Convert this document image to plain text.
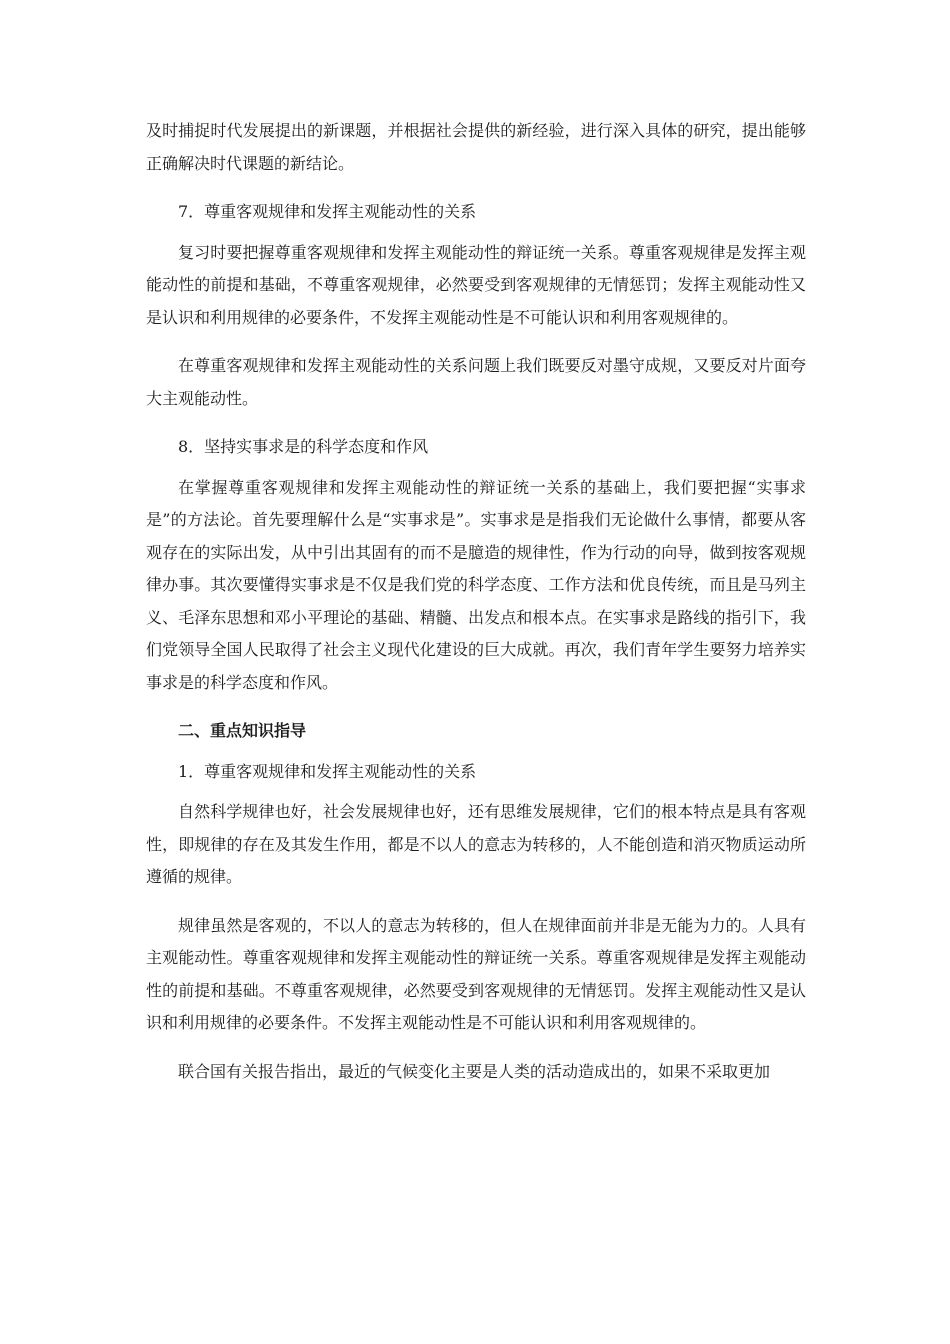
及时捕捉时代发展提出的新课题，并根据社会提供的新经验，进行深入具体的研究，提出能够正确解决时代课题的新结论。

7．尊重客观规律和发挥主观能动性的关系

复习时要把握尊重客观规律和发挥主观能动性的辩证统一关系。尊重客观规律是发挥主观能动性的前提和基础，不尊重客观规律，必然要受到客观规律的无情惩罚；发挥主观能动性又是认识和利用规律的必要条件，不发挥主观能动性是不可能认识和利用客观规律的。

在尊重客观规律和发挥主观能动性的关系问题上我们既要反对墨守成规，又要反对片面夸大主观能动性。

8．坚持实事求是的科学态度和作风

在掌握尊重客观规律和发挥主观能动性的辩证统一关系的基础上，我们要把握“实事求是”的方法论。首先要理解什么是“实事求是”。实事求是是指我们无论做什么事情，都要从客观存在的实际出发，从中引出其固有的而不是臆造的规律性，作为行动的向导，做到按客观规律办事。其次要懂得实事求是不仅是我们党的科学态度、工作方法和优良传统，而且是马列主义、毛泽东思想和邓小平理论的基础、精髓、出发点和根本点。在实事求是路线的指引下，我们党领导全国人民取得了社会主义现代化建设的巨大成就。再次，我们青年学生要努力培养实事求是的科学态度和作风。

二、重点知识指导

1．尊重客观规律和发挥主观能动性的关系

自然科学规律也好，社会发展规律也好，还有思维发展规律，它们的根本特点是具有客观性，即规律的存在及其发生作用，都是不以人的意志为转移的，人不能创造和消灭物质运动所遵循的规律。

规律虽然是客观的，不以人的意志为转移的，但人在规律面前并非是无能为力的。人具有主观能动性。尊重客观规律和发挥主观能动性的辩证统一关系。尊重客观规律是发挥主观能动性的前提和基础。不尊重客观规律，必然要受到客观规律的无情惩罚。发挥主观能动性又是认识和利用规律的必要条件。不发挥主观能动性是不可能认识和利用客观规律的。

联合国有关报告指出，最近的气候变化主要是人类的活动造成出的，如果不采取更加
